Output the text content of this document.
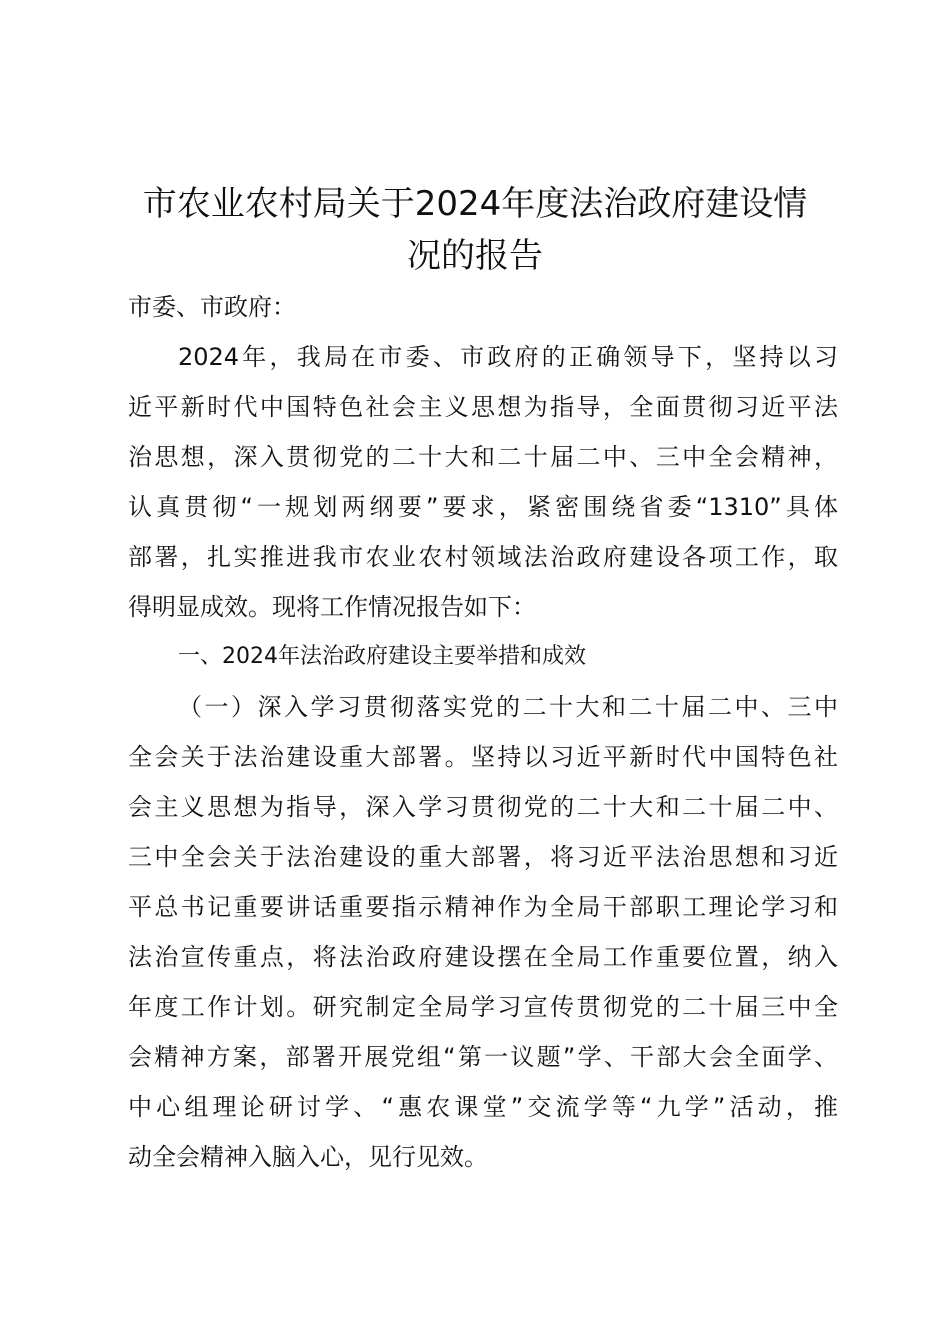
市农业农村局关于2024年度法治政府建设情
况的报告

市委、市政府：

2024年，我局在市委、市政府的正确领导下，坚持以习
近平新时代中国特色社会主义思想为指导，全面贯彻习近平法
治思想，深入贯彻党的二十大和二十届二中、三中全会精神，
认真贯彻“一规划两纲要”要求，紧密围绕省委“1310”具体
部署，扎实推进我市农业农村领域法治政府建设各项工作，取
得明显成效。现将工作情况报告如下：

一、2024年法治政府建设主要举措和成效

（一）深入学习贯彻落实党的二十大和二十届二中、三中
全会关于法治建设重大部署。坚持以习近平新时代中国特色社
会主义思想为指导，深入学习贯彻党的二十大和二十届二中、
三中全会关于法治建设的重大部署，将习近平法治思想和习近
平总书记重要讲话重要指示精神作为全局干部职工理论学习和
法治宣传重点，将法治政府建设摆在全局工作重要位置，纳入
年度工作计划。研究制定全局学习宣传贯彻党的二十届三中全
会精神方案，部署开展党组“第一议题”学、干部大会全面学、
中心组理论研讨学、“惠农课堂”交流学等“九学”活动，推
动全会精神入脑入心，见行见效。
